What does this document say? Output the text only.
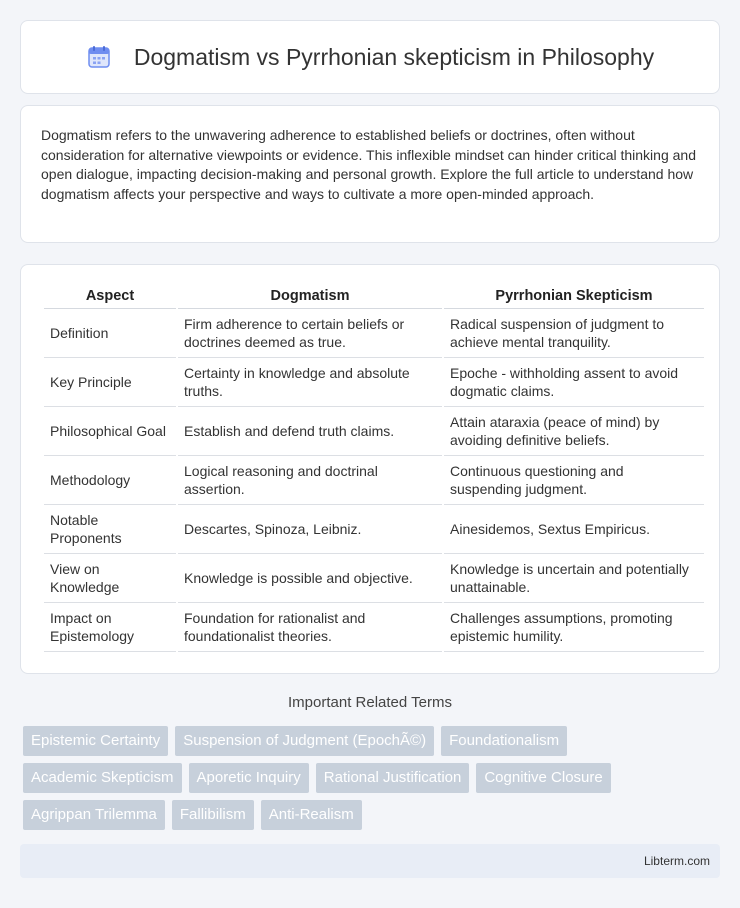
Dogmatism vs Pyrrhonian skepticism in Philosophy

Dogmatism refers to the unwavering adherence to established beliefs or doctrines, often without consideration for alternative viewpoints or evidence. This inflexible mindset can hinder critical thinking and open dialogue, impacting decision-making and personal growth. Explore the full article to understand how dogmatism affects your perspective and ways to cultivate a more open-minded approach.

Aspect	Dogmatism	Pyrrhonian Skepticism
Definition	Firm adherence to certain beliefs or doctrines deemed as true.	Radical suspension of judgment to achieve mental tranquility.
Key Principle	Certainty in knowledge and absolute truths.	Epoche - withholding assent to avoid dogmatic claims.
Philosophical Goal	Establish and defend truth claims.	Attain ataraxia (peace of mind) by avoiding definitive beliefs.
Methodology	Logical reasoning and doctrinal assertion.	Continuous questioning and suspending judgment.
Notable Proponents	Descartes, Spinoza, Leibniz.	Ainesidemos, Sextus Empiricus.
View on Knowledge	Knowledge is possible and objective.	Knowledge is uncertain and potentially unattainable.
Impact on Epistemology	Foundation for rationalist and foundationalist theories.	Challenges assumptions, promoting epistemic humility.
Important Related Terms
Epistemic Certainty	Suspension of Judgment (EpochÃ©)	Foundationalism
Academic Skepticism	Aporetic Inquiry	Rational Justification	Cognitive Closure
Agrippan Trilemma	Fallibilism	Anti-Realism
Libterm.com
